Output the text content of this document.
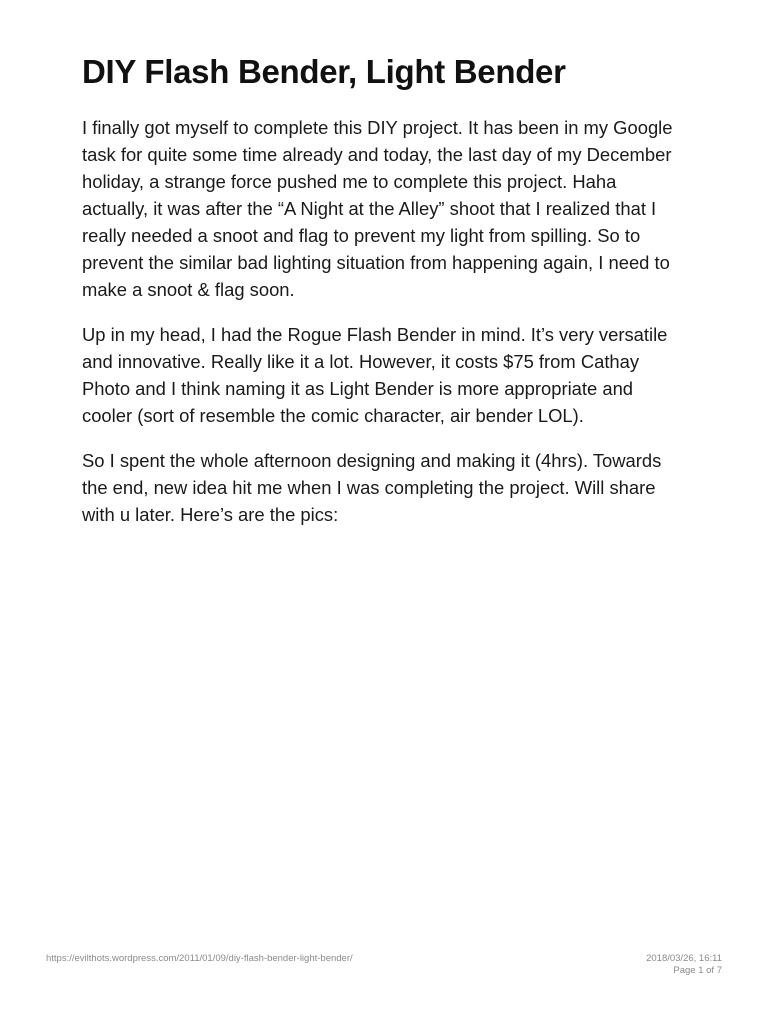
DIY Flash Bender, Light Bender

I finally got myself to complete this DIY project. It has been in my Google task for quite some time already and today, the last day of my December holiday, a strange force pushed me to complete this project. Haha actually, it was after the “A Night at the Alley” shoot that I realized that I really needed a snoot and flag to prevent my light from spilling. So to prevent the similar bad lighting situation from happening again, I need to make a snoot & flag soon.

Up in my head, I had the Rogue Flash Bender in mind. It’s very versatile and innovative. Really like it a lot. However, it costs $75 from Cathay Photo and I think naming it as Light Bender is more appropriate and cooler (sort of resemble the comic character, air bender LOL).

So I spent the whole afternoon designing and making it (4hrs). Towards the end, new idea hit me when I was completing the project. Will share with u later. Here’s are the pics:

https://evilthots.wordpress.com/2011/01/09/diy-flash-bender-light-bender/	2018/03/26, 16:11
Page 1 of 7
